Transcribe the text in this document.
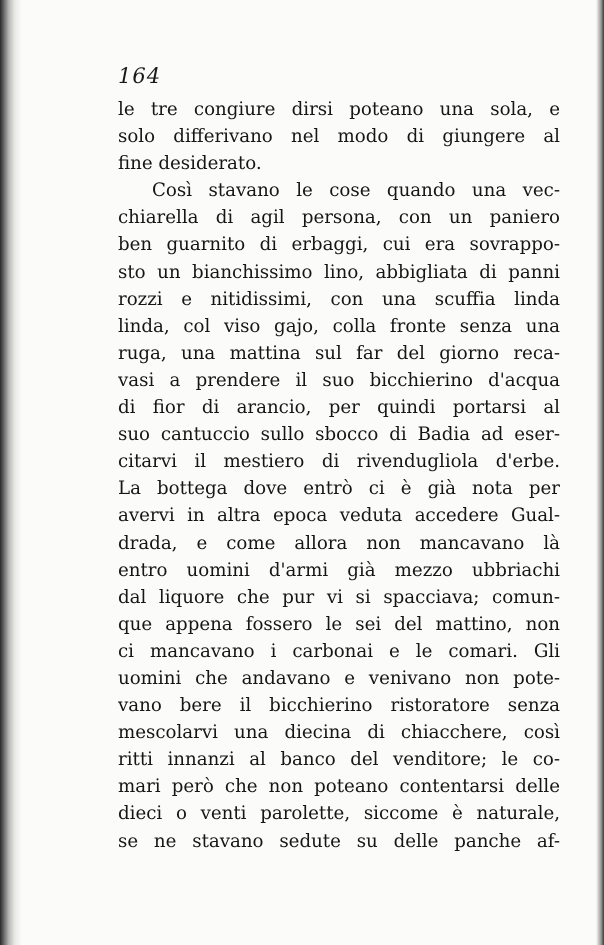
164
le tre congiure dirsi poteano una sola, e
solo differivano nel modo di giungere al
fine desiderato.
Così stavano le cose quando una vec-
chiarella di agil persona, con un paniero
ben guarnito di erbaggi, cui era sovrappo-
sto un bianchissimo lino, abbigliata di panni
rozzi e nitidissimi, con una scuffia linda
linda, col viso gajo, colla fronte senza una
ruga, una mattina sul far del giorno reca-
vasi a prendere il suo bicchierino d'acqua
di fior di arancio, per quindi portarsi al
suo cantuccio sullo sbocco di Badia ad eser-
citarvi il mestiero di rivendugliola d'erbe.
La bottega dove entrò ci è già nota per
avervi in altra epoca veduta accedere Gual-
drada, e come allora non mancavano là
entro uomini d'armi già mezzo ubbriachi
dal liquore che pur vi si spacciava; comun-
que appena fossero le sei del mattino, non
ci mancavano i carbonai e le comari. Gli
uomini che andavano e venivano non pote-
vano bere il bicchierino ristoratore senza
mescolarvi una diecina di chiacchere, così
ritti innanzi al banco del venditore; le co-
mari però che non poteano contentarsi delle
dieci o venti parolette, siccome è naturale,
se ne stavano sedute su delle panche af-
